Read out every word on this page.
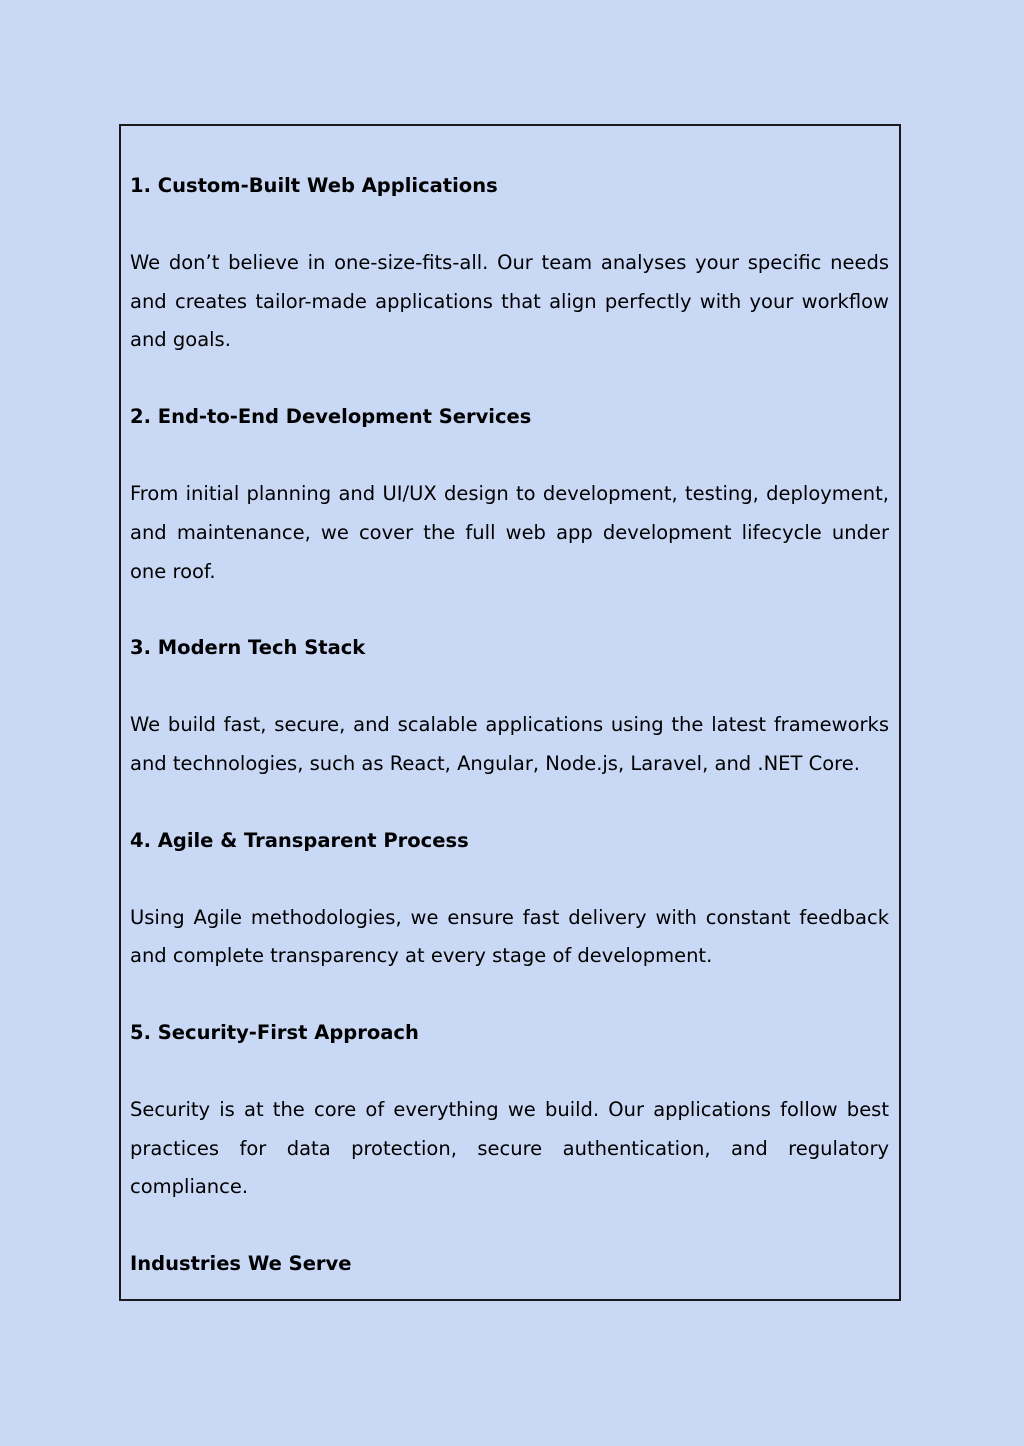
1. Custom-Built Web Applications

We don’t believe in one-size-fits-all. Our team analyses your specific needs and creates tailor-made applications that align perfectly with your workflow and goals.

2. End-to-End Development Services

From initial planning and UI/UX design to development, testing, deployment, and maintenance, we cover the full web app development lifecycle under one roof.

3. Modern Tech Stack

We build fast, secure, and scalable applications using the latest frameworks and technologies, such as React, Angular, Node.js, Laravel, and .NET Core.

4. Agile & Transparent Process

Using Agile methodologies, we ensure fast delivery with constant feedback and complete transparency at every stage of development.

5. Security-First Approach

Security is at the core of everything we build. Our applications follow best practices for data protection, secure authentication, and regulatory compliance.

Industries We Serve
